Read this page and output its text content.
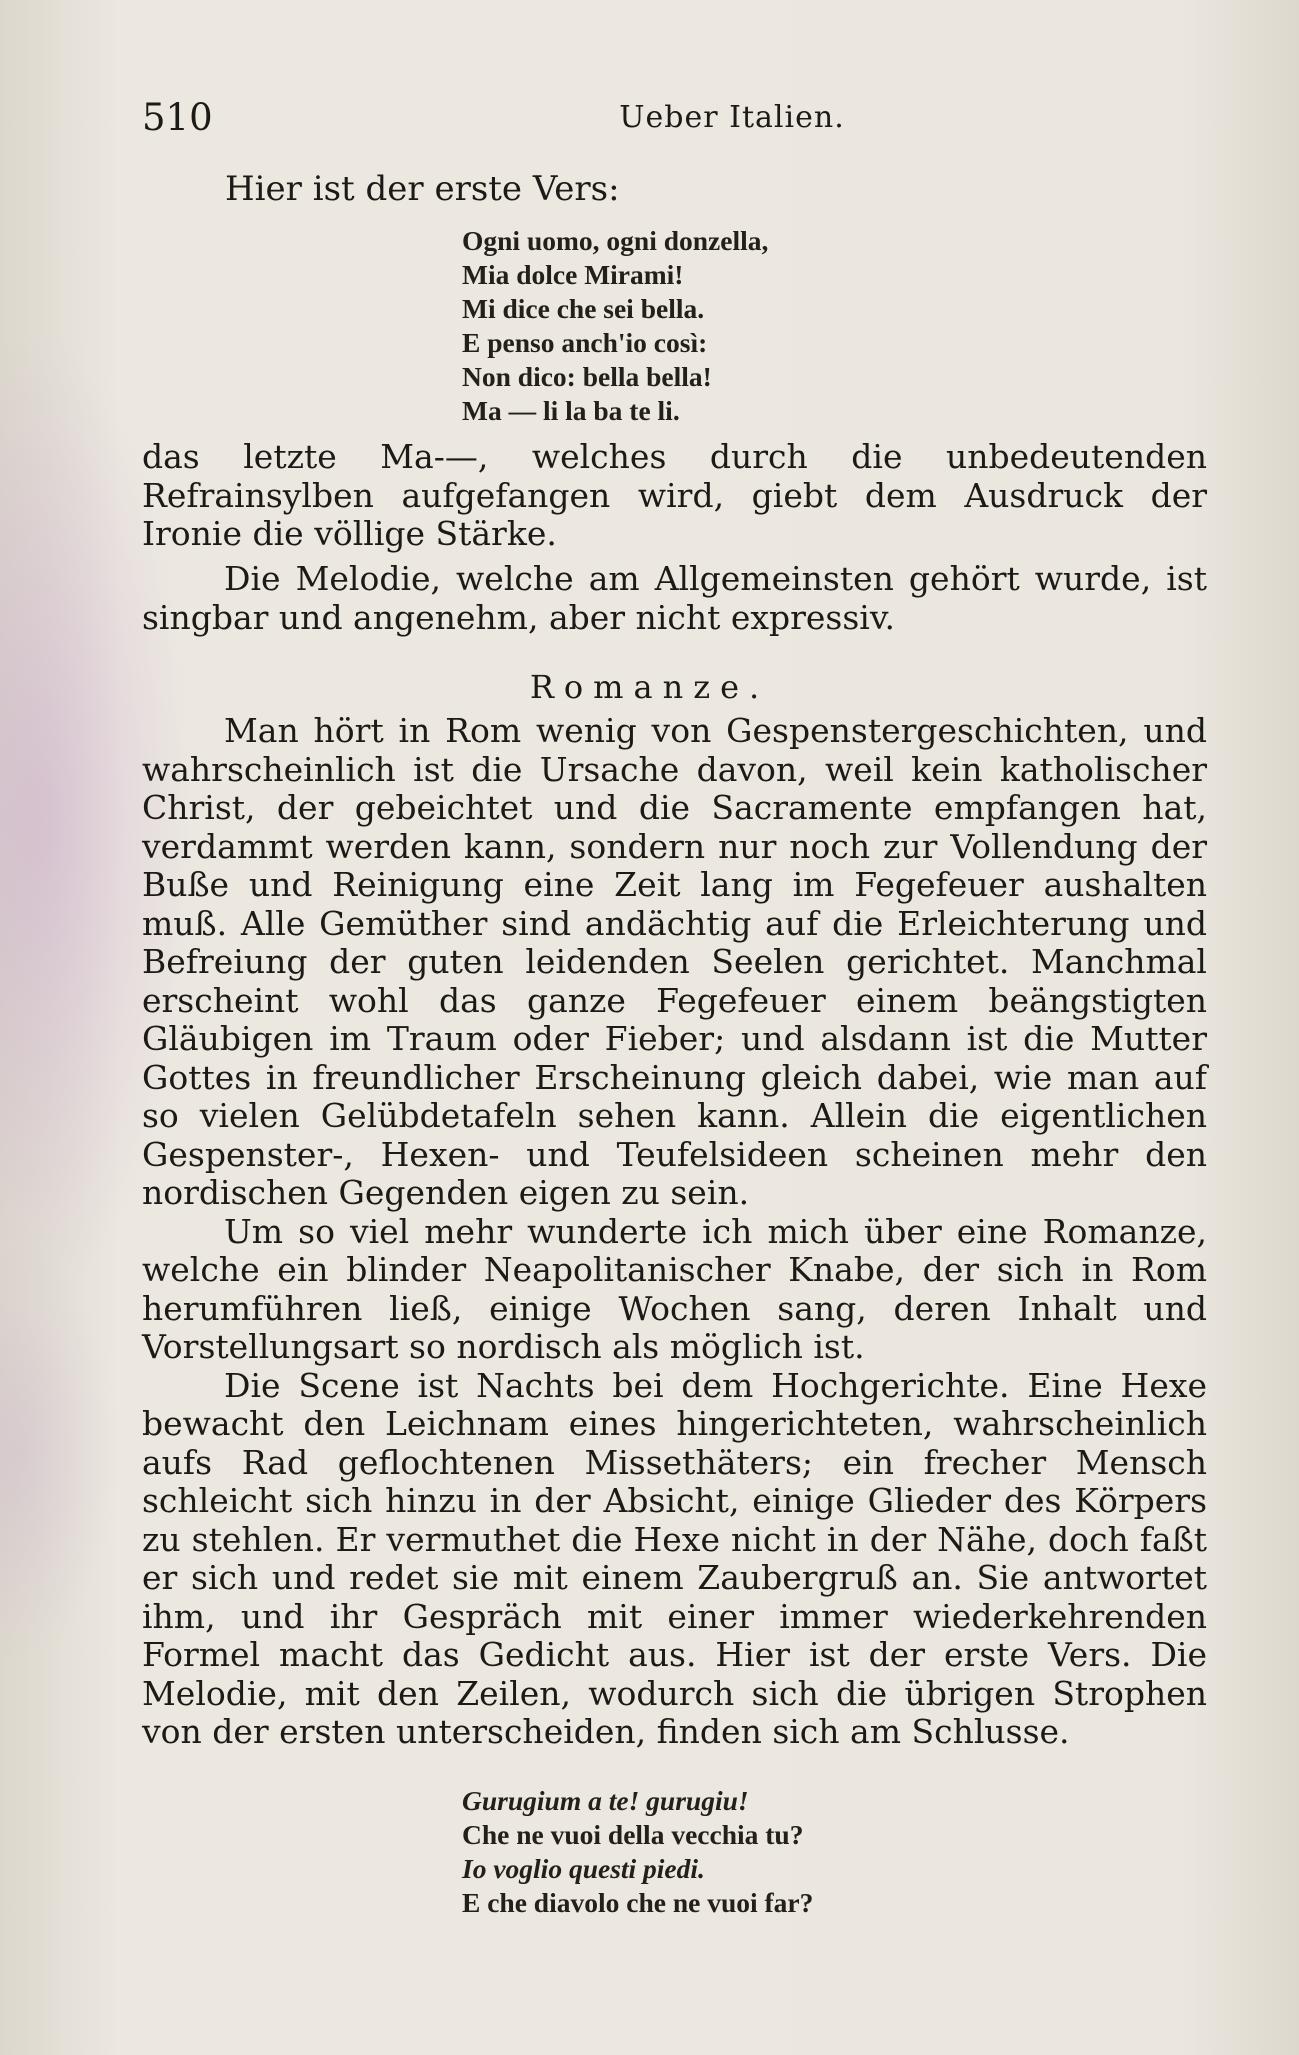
510	Ueber Italien.
Hier ist der erste Vers:
Ogni uomo, ogni donzella,
Mia dolce Mirami!
Mi dice che sei bella.
E penso anch'io così:
Non dico: bella bella!
Ma — li la ba te li.

das letzte Ma-—, welches durch die unbedeutenden Refrainsylben aufgefangen wird, giebt dem Ausdruck der Ironie die völlige Stärke.

Die Melodie, welche am Allgemeinsten gehört wurde, ist singbar und angenehm, aber nicht expressiv.

Romanze.

Man hört in Rom wenig von Gespenstergeschichten, und wahrscheinlich ist die Ursache davon, weil kein katholischer Christ, der gebeichtet und die Sacramente empfangen hat, verdammt werden kann, sondern nur noch zur Vollendung der Buße und Reinigung eine Zeit lang im Fegefeuer aushalten muß. Alle Gemüther sind andächtig auf die Erleichterung und Befreiung der guten leidenden Seelen gerichtet. Manchmal erscheint wohl das ganze Fegefeuer einem beängstigten Gläubigen im Traum oder Fieber; und alsdann ist die Mutter Gottes in freundlicher Erscheinung gleich dabei, wie man auf so vielen Gelübdetafeln sehen kann. Allein die eigentlichen Gespenster-, Hexen- und Teufelsideen scheinen mehr den nordischen Gegenden eigen zu sein.

Um so viel mehr wunderte ich mich über eine Romanze, welche ein blinder Neapolitanischer Knabe, der sich in Rom herumführen ließ, einige Wochen sang, deren Inhalt und Vorstellungsart so nordisch als möglich ist.

Die Scene ist Nachts bei dem Hochgerichte. Eine Hexe bewacht den Leichnam eines hingerichteten, wahrscheinlich aufs Rad geflochtenen Missethäters; ein frecher Mensch schleicht sich hinzu in der Absicht, einige Glieder des Körpers zu stehlen. Er vermuthet die Hexe nicht in der Nähe, doch faßt er sich und redet sie mit einem Zaubergruß an. Sie antwortet ihm, und ihr Gespräch mit einer immer wiederkehrenden Formel macht das Gedicht aus. Hier ist der erste Vers. Die Melodie, mit den Zeilen, wodurch sich die übrigen Strophen von der ersten unterscheiden, finden sich am Schlusse.

Gurugium a te! gurugiu!
Che ne vuoi della vecchia tu?
Io voglio questi piedi.
E che diavolo che ne vuoi far?
